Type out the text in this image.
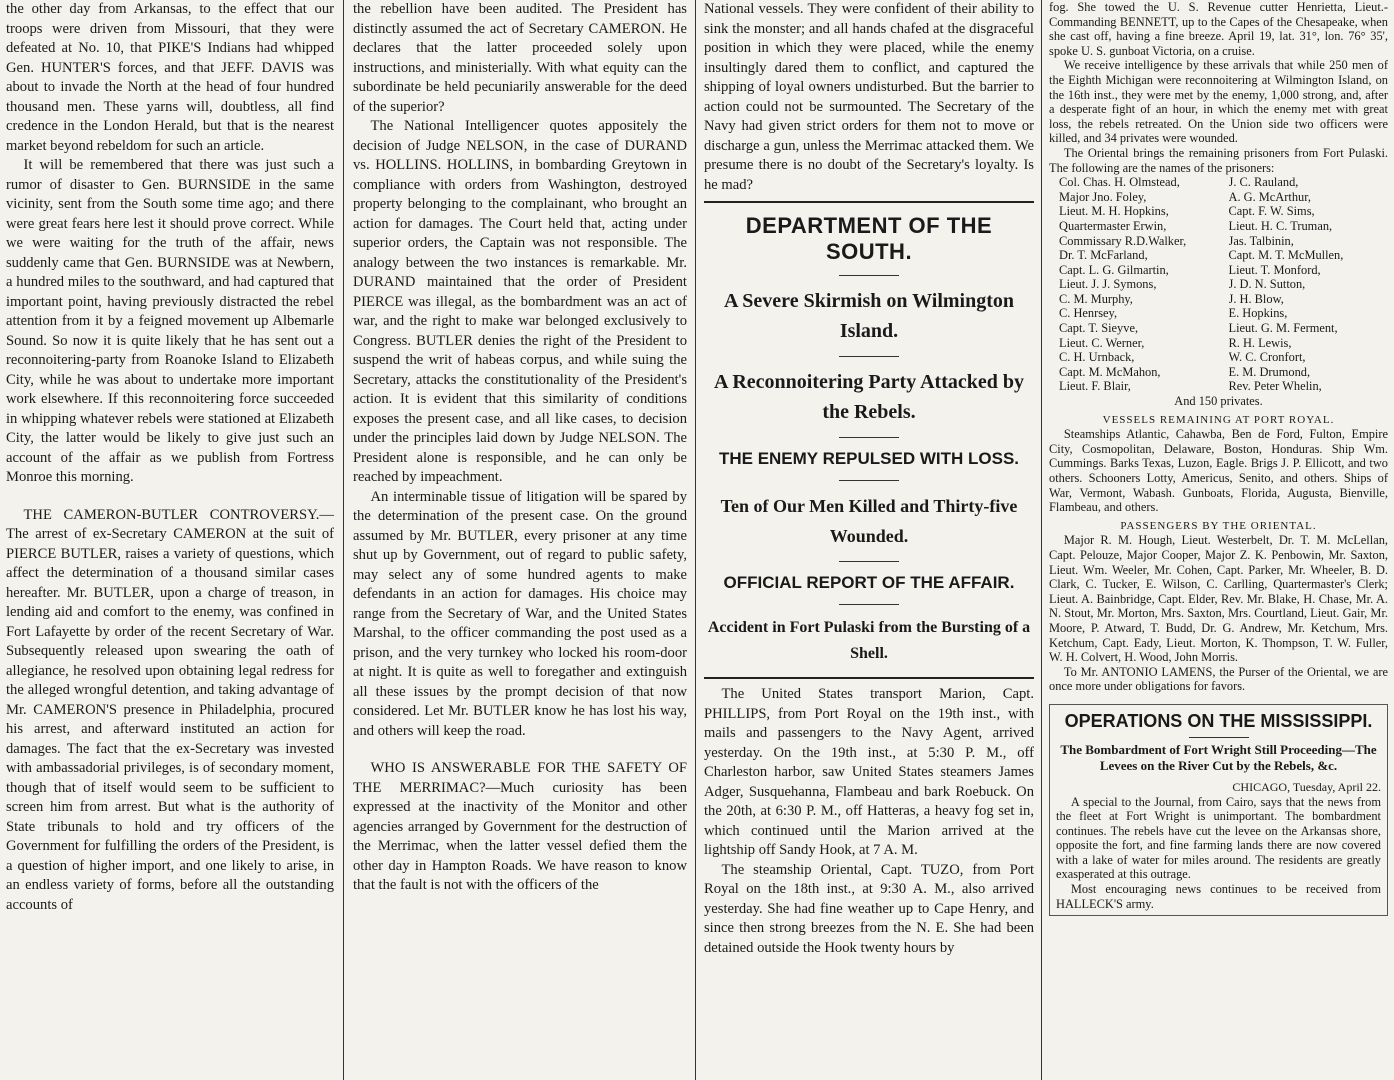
the other day from Arkansas, to the effect that our troops were driven from Missouri, that they were defeated at No. 10, that PIKE'S Indians had whipped Gen. HUNTER'S forces, and that JEFF. DAVIS was about to invade the North at the head of four hundred thousand men. These yarns will, doubtless, all find credence in the London Herald, but that is the nearest market beyond rebeldom for such an article.

It will be remembered that there was just such a rumor of disaster to Gen. BURNSIDE in the same vicinity, sent from the South some time ago; and there were great fears here lest it should prove correct. While we were waiting for the truth of the affair, news suddenly came that Gen. BURNSIDE was at Newbern, a hundred miles to the southward, and had captured that important point, having previously distracted the rebel attention from it by a feigned movement up Albemarle Sound. So now it is quite likely that he has sent out a reconnoitering-party from Roanoke Island to Elizabeth City, while he was about to undertake more important work elsewhere. If this reconnoitering force succeeded in whipping whatever rebels were stationed at Elizabeth City, the latter would be likely to give just such an account of the affair as we publish from Fortress Monroe this morning.

THE CAMERON-BUTLER CONTROVERSY.—The arrest of ex-Secretary CAMERON at the suit of PIERCE BUTLER, raises a variety of questions, which affect the determination of a thousand similar cases hereafter. Mr. BUTLER, upon a charge of treason, in lending aid and comfort to the enemy, was confined in Fort Lafayette by order of the recent Secretary of War. Subsequently released upon swearing the oath of allegiance, he resolved upon obtaining legal redress for the alleged wrongful detention, and taking advantage of Mr. CAMERON'S presence in Philadelphia, procured his arrest, and afterward instituted an action for damages. The fact that the ex-Secretary was invested with ambassadorial privileges, is of secondary moment, though that of itself would seem to be sufficient to screen him from arrest. But what is the authority of State tribunals to hold and try officers of the Government for fulfilling the orders of the President, is a question of higher import, and one likely to arise, in an endless variety of forms, before all the outstanding accounts of

the rebellion have been audited. The President has distinctly assumed the act of Secretary CAMERON. He declares that the latter proceeded solely upon instructions, and ministerially. With what equity can the subordinate be held pecuniarily answerable for the deed of the superior?

The National Intelligencer quotes appositely the decision of Judge NELSON, in the case of DURAND vs. HOLLINS. HOLLINS, in bombarding Greytown in compliance with orders from Washington, destroyed property belonging to the complainant, who brought an action for damages. The Court held that, acting under superior orders, the Captain was not responsible. The analogy between the two instances is remarkable. Mr. DURAND maintained that the order of President PIERCE was illegal, as the bombardment was an act of war, and the right to make war belonged exclusively to Congress. BUTLER denies the right of the President to suspend the writ of habeas corpus, and while suing the Secretary, attacks the constitutionality of the President's action. It is evident that this similarity of conditions exposes the present case, and all like cases, to decision under the principles laid down by Judge NELSON. The President alone is responsible, and he can only be reached by impeachment.

An interminable tissue of litigation will be spared by the determination of the present case. On the ground assumed by Mr. BUTLER, every prisoner at any time shut up by Government, out of regard to public safety, may select any of some hundred agents to make defendants in an action for damages. His choice may range from the Secretary of War, and the United States Marshal, to the officer commanding the post used as a prison, and the very turnkey who locked his room-door at night. It is quite as well to foregather and extinguish all these issues by the prompt decision of that now considered. Let Mr. BUTLER know he has lost his way, and others will keep the road.

WHO IS ANSWERABLE FOR THE SAFETY OF THE MERRIMAC?—Much curiosity has been expressed at the inactivity of the Monitor and other agencies arranged by Government for the destruction of the Merrimac, when the latter vessel defied them the other day in Hampton Roads. We have reason to know that the fault is not with the officers of the

National vessels. They were confident of their ability to sink the monster; and all hands chafed at the disgraceful position in which they were placed, while the enemy insultingly dared them to conflict, and captured the shipping of loyal owners undisturbed. But the barrier to action could not be surmounted. The Secretary of the Navy had given strict orders for them not to move or discharge a gun, unless the Merrimac attacked them. We presume there is no doubt of the Secretary's loyalty. Is he mad?

DEPARTMENT OF THE SOUTH.
A Severe Skirmish on Wilmington Island.
A Reconnoitering Party Attacked by the Rebels.
THE ENEMY REPULSED WITH LOSS.
Ten of Our Men Killed and Thirty-five Wounded.
OFFICIAL REPORT OF THE AFFAIR.
Accident in Fort Pulaski from the Bursting of a Shell.

The United States transport Marion, Capt. PHILLIPS, from Port Royal on the 19th inst., with mails and passengers to the Navy Agent, arrived yesterday. On the 19th inst., at 5:30 P. M., off Charleston harbor, saw United States steamers James Adger, Susquehanna, Flambeau and bark Roebuck. On the 20th, at 6:30 P. M., off Hatteras, a heavy fog set in, which continued until the Marion arrived at the lightship off Sandy Hook, at 7 A. M.

The steamship Oriental, Capt. TUZO, from Port Royal on the 18th inst., at 9:30 A. M., also arrived yesterday. She had fine weather up to Cape Henry, and since then strong breezes from the N. E. She had been detained outside the Hook twenty hours by

fog. She towed the U. S. Revenue cutter Henrietta, Lieut.-Commanding BENNETT, up to the Capes of the Chesapeake, when she cast off, having a fine breeze. April 19, lat. 31°, lon. 76° 35', spoke U. S. gunboat Victoria, on a cruise.

We receive intelligence by these arrivals that while 250 men of the Eighth Michigan were reconnoitering at Wilmington Island, on the 16th inst., they were met by the enemy, 1,000 strong, and, after a desperate fight of an hour, in which the enemy met with great loss, the rebels retreated. On the Union side two officers were killed, and 34 privates were wounded.

The Oriental brings the remaining prisoners from Fort Pulaski. The following are the names of the prisoners:

Col. Chas. H. Olmstead,
Major Jno. Foley,
Lieut. M. H. Hopkins,
Quartermaster Erwin,
Commissary R.D.Walker,
Dr. T. McFarland,
Capt. L. G. Gilmartin,
Lieut. J. J. Symons,
C. M. Murphy,
C. Henrsey,
Capt. T. Sieyve,
Lieut. C. Werner,
C. H. Urnback,
Capt. M. McMahon,
Lieut. F. Blair,
J. C. Rauland,
A. G. McArthur,
Capt. F. W. Sims,
Lieut. H. C. Truman,
Jas. Talbinin,
Capt. M. T. McMullen,
Lieut. T. Monford,
J. D. N. Sutton,
J. H. Blow,
E. Hopkins,
Lieut. G. M. Ferment,
R. H. Lewis,
W. C. Cronfort,
E. M. Drumond,
Rev. Peter Whelin,
And 150 privates.
VESSELS REMAINING AT PORT ROYAL.

Steamships Atlantic, Cahawba, Ben de Ford, Fulton, Empire City, Cosmopolitan, Delaware, Boston, Honduras. Ship Wm. Cummings. Barks Texas, Luzon, Eagle. Brigs J. P. Ellicott, and two others. Schooners Lotty, Americus, Senito, and others. Ships of War, Vermont, Wabash. Gunboats, Florida, Augusta, Bienville, Flambeau, and others.

PASSENGERS BY THE ORIENTAL.

Major R. M. Hough, Lieut. Westerbelt, Dr. T. M. McLellan, Capt. Pelouze, Major Cooper, Major Z. K. Penbowin, Mr. Saxton, Lieut. Wm. Weeler, Mr. Cohen, Capt. Parker, Mr. Wheeler, B. D. Clark, C. Tucker, E. Wilson, C. Carlling, Quartermaster's Clerk; Lieut. A. Bainbridge, Capt. Elder, Rev. Mr. Blake, H. Chase, Mr. A. N. Stout, Mr. Morton, Mrs. Saxton, Mrs. Courtland, Lieut. Gair, Mr. Moore, P. Atward, T. Budd, Dr. G. Andrew, Mr. Ketchum, Mrs. Ketchum, Capt. Eady, Lieut. Morton, K. Thompson, T. W. Fuller, W. H. Colvert, H. Wood, John Morris.

To Mr. ANTONIO LAMENS, the Purser of the Oriental, we are once more under obligations for favors.

OPERATIONS ON THE MISSISSIPPI.
The Bombardment of Fort Wright Still Proceeding—The Levees on the River Cut by the Rebels, &c.
CHICAGO, Tuesday, April 22.

A special to the Journal, from Cairo, says that the news from the fleet at Fort Wright is unimportant. The bombardment continues. The rebels have cut the levee on the Arkansas shore, opposite the fort, and fine farming lands there are now covered with a lake of water for miles around. The residents are greatly exasperated at this outrage.

Most encouraging news continues to be received from HALLECK'S army.
